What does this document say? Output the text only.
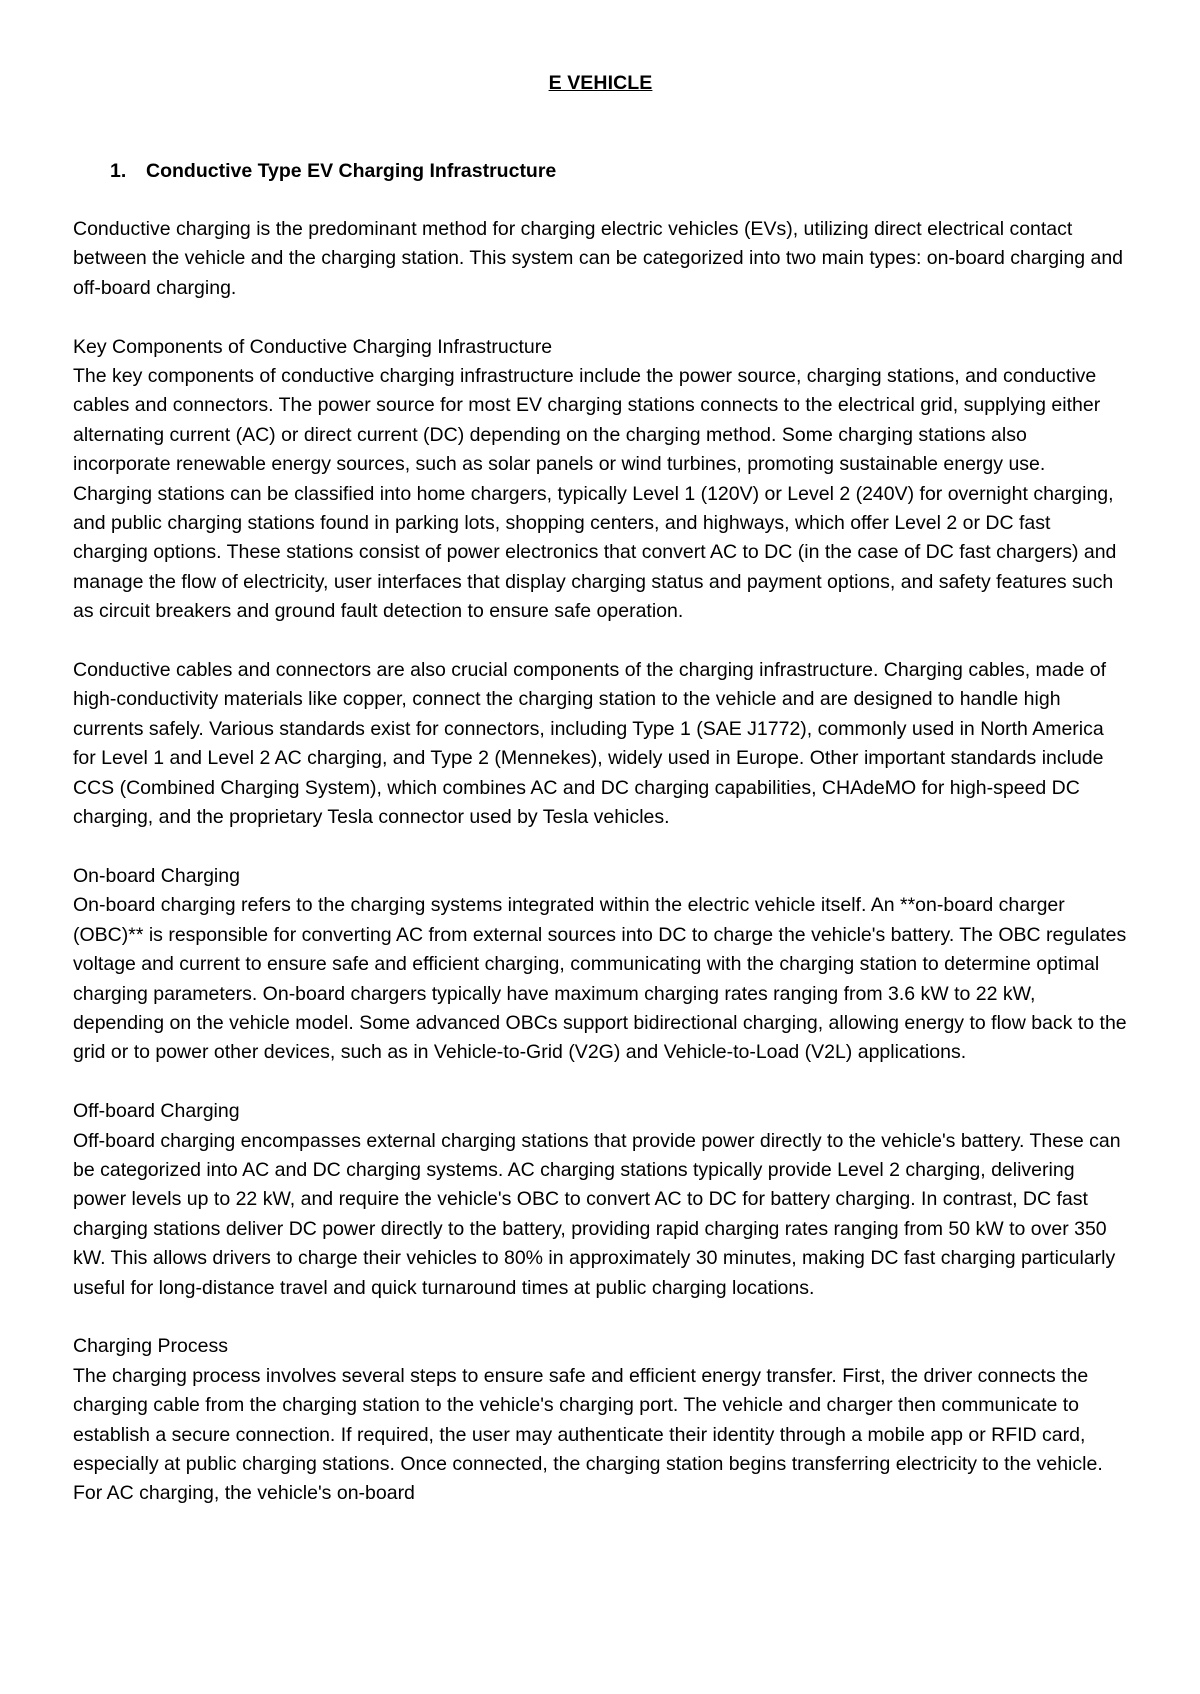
E VEHICLE
1.	Conductive Type EV Charging Infrastructure

Conductive charging is the predominant method for charging electric vehicles (EVs), utilizing direct electrical contact between the vehicle and the charging station. This system can be categorized into two main types: on-board charging and off-board charging.

Key Components of Conductive Charging Infrastructure

The key components of conductive charging infrastructure include the power source, charging stations, and conductive cables and connectors. The power source for most EV charging stations connects to the electrical grid, supplying either alternating current (AC) or direct current (DC) depending on the charging method. Some charging stations also incorporate renewable energy sources, such as solar panels or wind turbines, promoting sustainable energy use. Charging stations can be classified into home chargers, typically Level 1 (120V) or Level 2 (240V) for overnight charging, and public charging stations found in parking lots, shopping centers, and highways, which offer Level 2 or DC fast charging options. These stations consist of power electronics that convert AC to DC (in the case of DC fast chargers) and manage the flow of electricity, user interfaces that display charging status and payment options, and safety features such as circuit breakers and ground fault detection to ensure safe operation.

Conductive cables and connectors are also crucial components of the charging infrastructure. Charging cables, made of high-conductivity materials like copper, connect the charging station to the vehicle and are designed to handle high currents safely. Various standards exist for connectors, including Type 1 (SAE J1772), commonly used in North America for Level 1 and Level 2 AC charging, and Type 2 (Mennekes), widely used in Europe. Other important standards include CCS (Combined Charging System), which combines AC and DC charging capabilities, CHAdeMO for high-speed DC charging, and the proprietary Tesla connector used by Tesla vehicles.

On-board Charging

On-board charging refers to the charging systems integrated within the electric vehicle itself. An **on-board charger (OBC)** is responsible for converting AC from external sources into DC to charge the vehicle's battery. The OBC regulates voltage and current to ensure safe and efficient charging, communicating with the charging station to determine optimal charging parameters. On-board chargers typically have maximum charging rates ranging from 3.6 kW to 22 kW, depending on the vehicle model. Some advanced OBCs support bidirectional charging, allowing energy to flow back to the grid or to power other devices, such as in Vehicle-to-Grid (V2G) and Vehicle-to-Load (V2L) applications.

Off-board Charging

Off-board charging encompasses external charging stations that provide power directly to the vehicle's battery. These can be categorized into AC and DC charging systems. AC charging stations typically provide Level 2 charging, delivering power levels up to 22 kW, and require the vehicle's OBC to convert AC to DC for battery charging. In contrast, DC fast charging stations deliver DC power directly to the battery, providing rapid charging rates ranging from 50 kW to over 350 kW. This allows drivers to charge their vehicles to 80% in approximately 30 minutes, making DC fast charging particularly useful for long-distance travel and quick turnaround times at public charging locations.

Charging Process

The charging process involves several steps to ensure safe and efficient energy transfer. First, the driver connects the charging cable from the charging station to the vehicle's charging port. The vehicle and charger then communicate to establish a secure connection. If required, the user may authenticate their identity through a mobile app or RFID card, especially at public charging stations. Once connected, the charging station begins transferring electricity to the vehicle. For AC charging, the vehicle's on-board
